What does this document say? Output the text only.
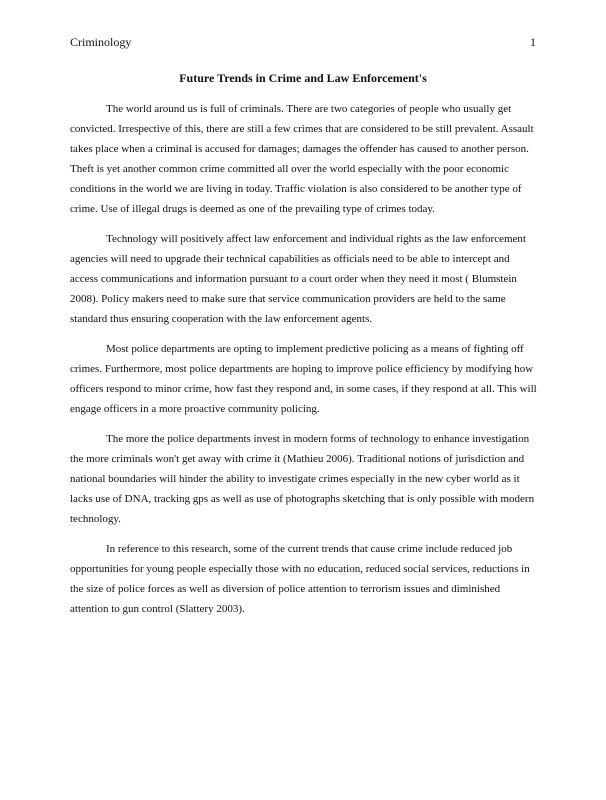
Criminology	1
Future Trends in Crime and Law Enforcement's

The world around us is full of criminals. There are two categories of people who usually get convicted. Irrespective of this, there are still a few crimes that are considered to be still prevalent. Assault takes place when a criminal is accused for damages; damages the offender has caused to another person. Theft is yet another common crime committed all over the world especially with the poor economic conditions in the world we are living in today. Traffic violation is also considered to be another type of crime. Use of illegal drugs is deemed as one of the prevailing type of crimes today.

Technology will positively affect law enforcement and individual rights as the law enforcement agencies will need to upgrade their technical capabilities as officials need to be able to intercept and access communications and information pursuant to a court order when they need it most ( Blumstein 2008). Policy makers need to make sure that service communication providers are held to the same standard thus ensuring cooperation with the law enforcement agents.

Most police departments are opting to implement predictive policing as a means of fighting off crimes. Furthermore, most police departments are hoping to improve police efficiency by modifying how officers respond to minor crime, how fast they respond and, in some cases, if they respond at all. This will engage officers in a more proactive community policing.

The more the police departments invest in modern forms of technology to enhance investigation the more criminals won't get away with crime it (Mathieu 2006). Traditional notions of jurisdiction and national boundaries will hinder the ability to investigate crimes especially in the new cyber world as it lacks use of DNA, tracking gps as well as use of photographs sketching that is only possible with modern technology.

In reference to this research, some of the current trends that cause crime include reduced job opportunities for young people especially those with no education, reduced social services, reductions in the size of police forces as well as diversion of police attention to terrorism issues and diminished attention to gun control (Slattery 2003).
